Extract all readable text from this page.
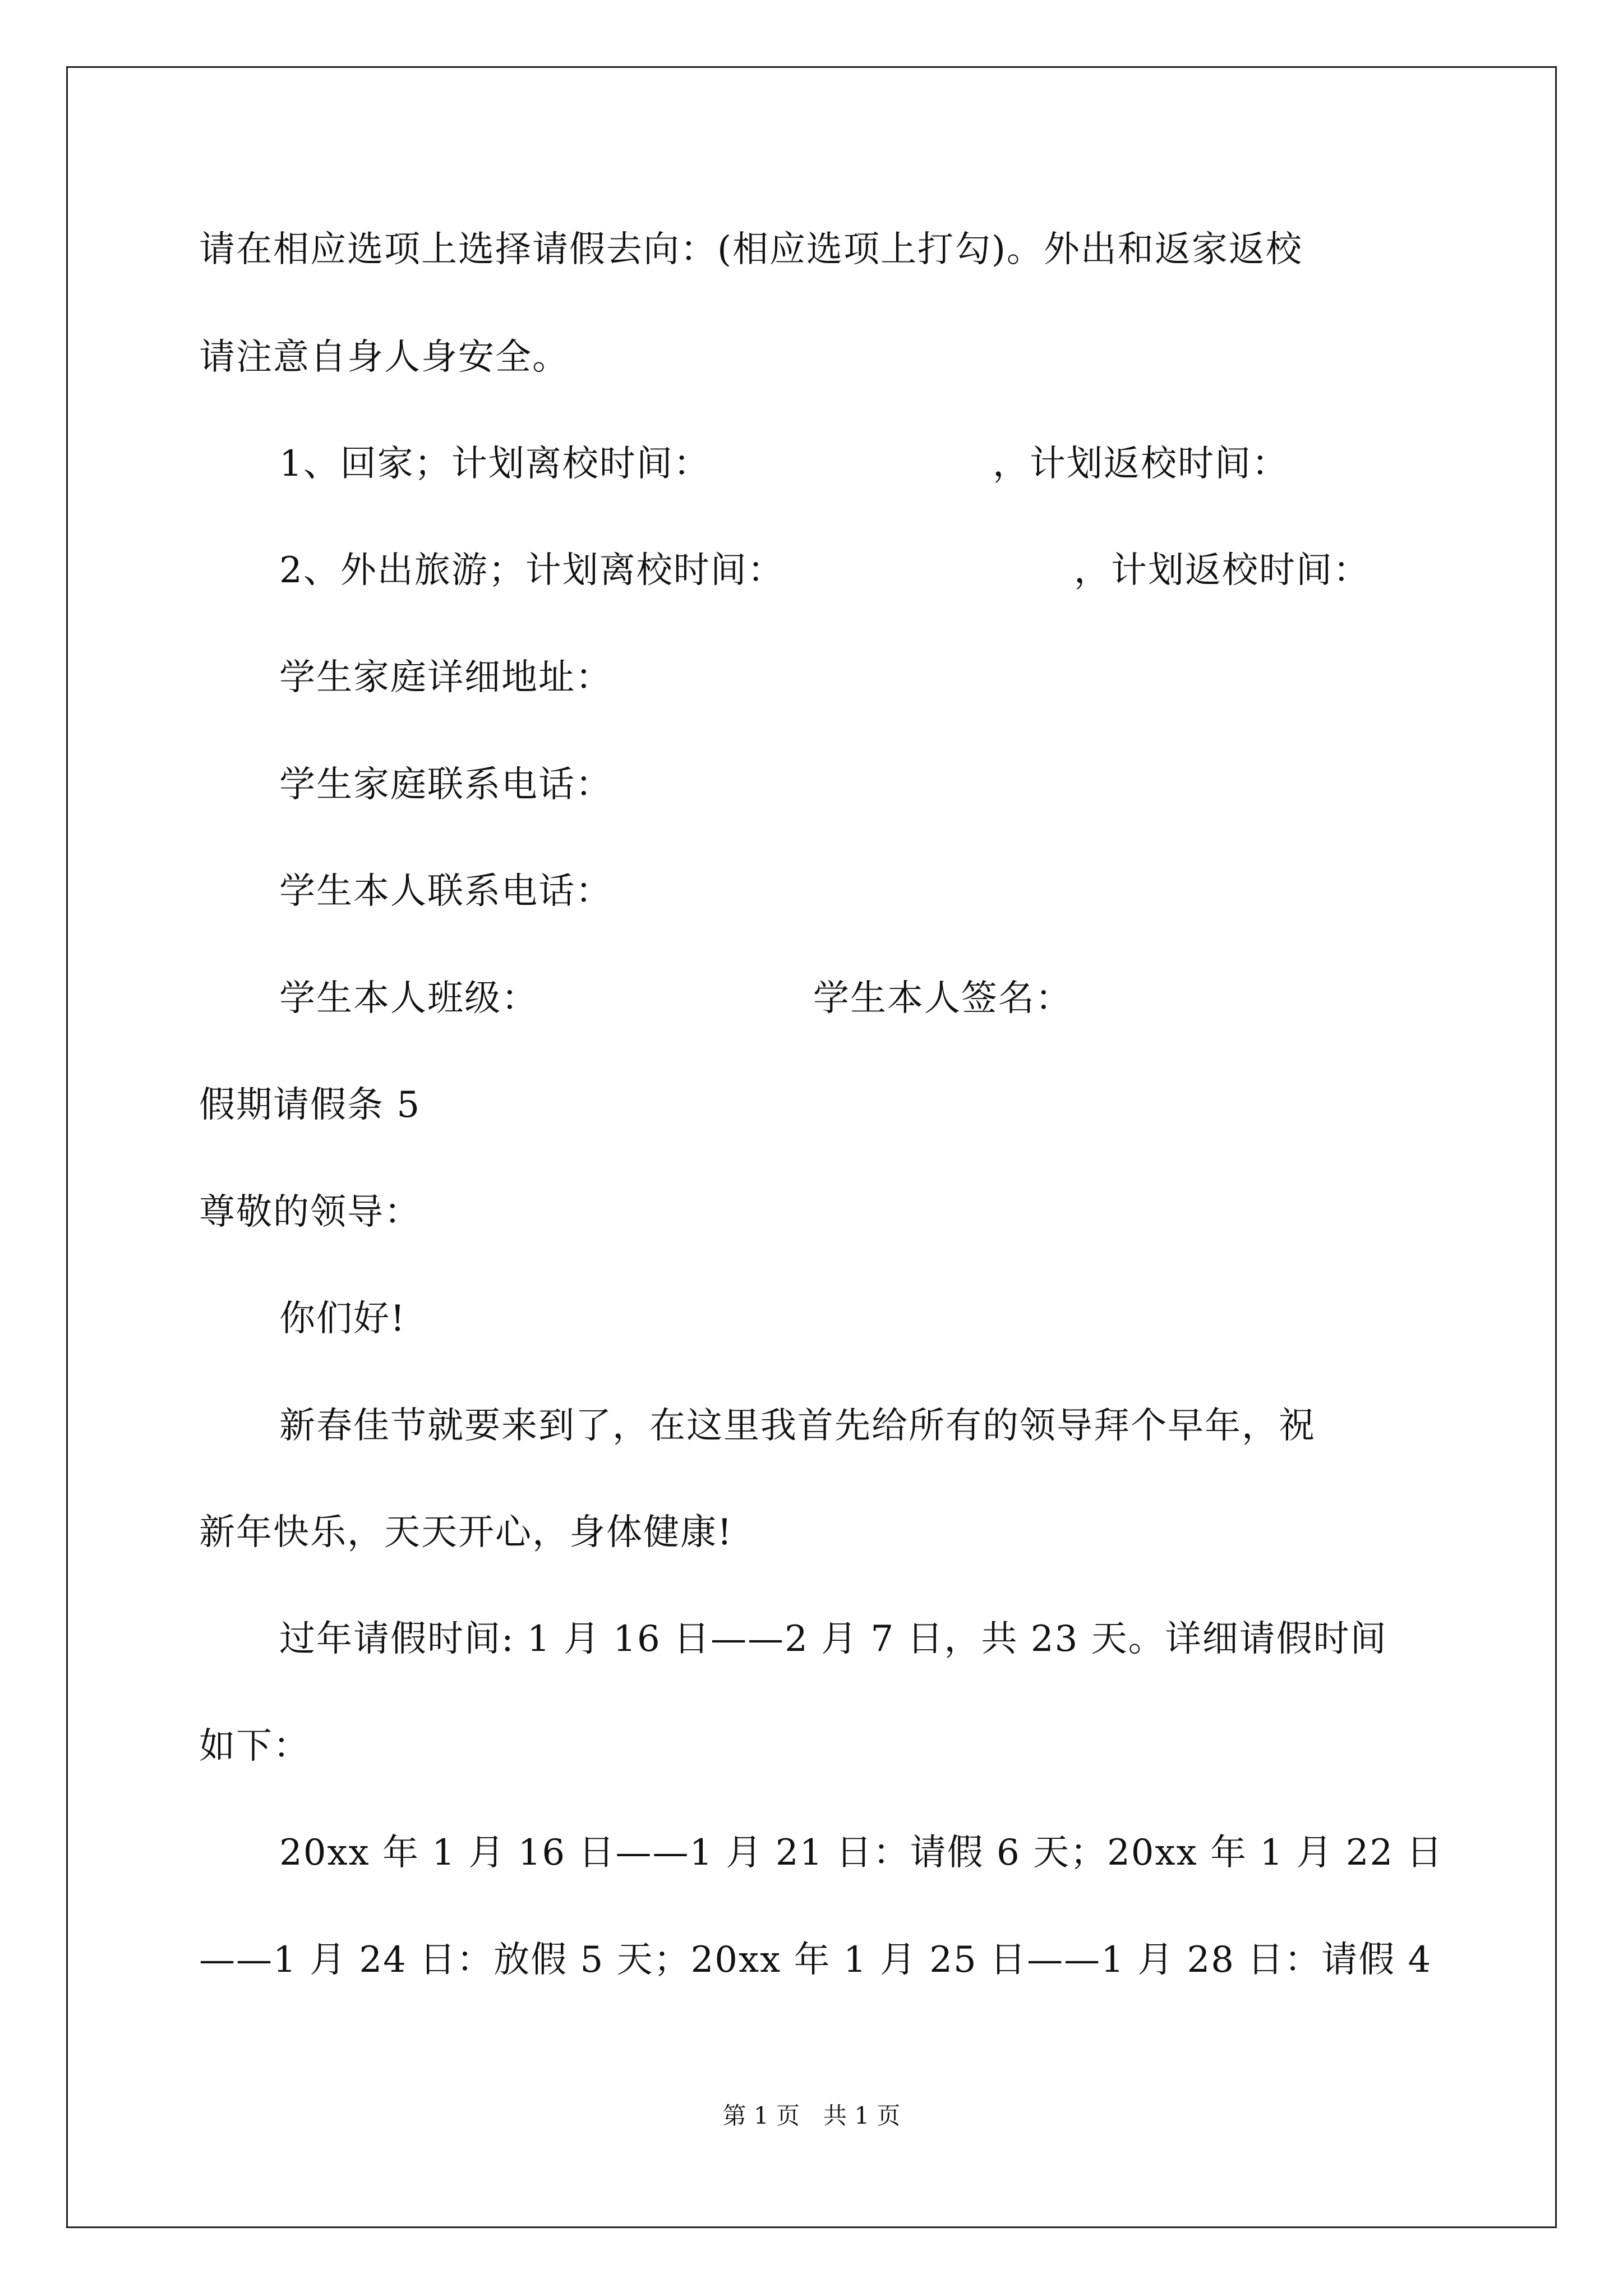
请在相应选项上选择请假去向：(相应选项上打勾)。外出和返家返校
请注意自身人身安全。
1、回家；计划离校时间：	，计划返校时间：
2、外出旅游；计划离校时间：	，计划返校时间：
学生家庭详细地址：
学生家庭联系电话：
学生本人联系电话：
学生本人班级：	学生本人签名：
假期请假条 5
尊敬的领导：
你们好!
新春佳节就要来到了，在这里我首先给所有的领导拜个早年，祝
新年快乐，天天开心，身体健康!
过年请假时间: 1 月 16 日——2 月 7 日，共 23 天。详细请假时间
如下：
20xx 年 1 月 16 日——1 月 21 日：请假 6 天；20xx 年 1 月 22 日
——1 月 24 日：放假 5 天；20xx 年 1 月 25 日——1 月 28 日：请假 4
第 1 页　共 1 页
